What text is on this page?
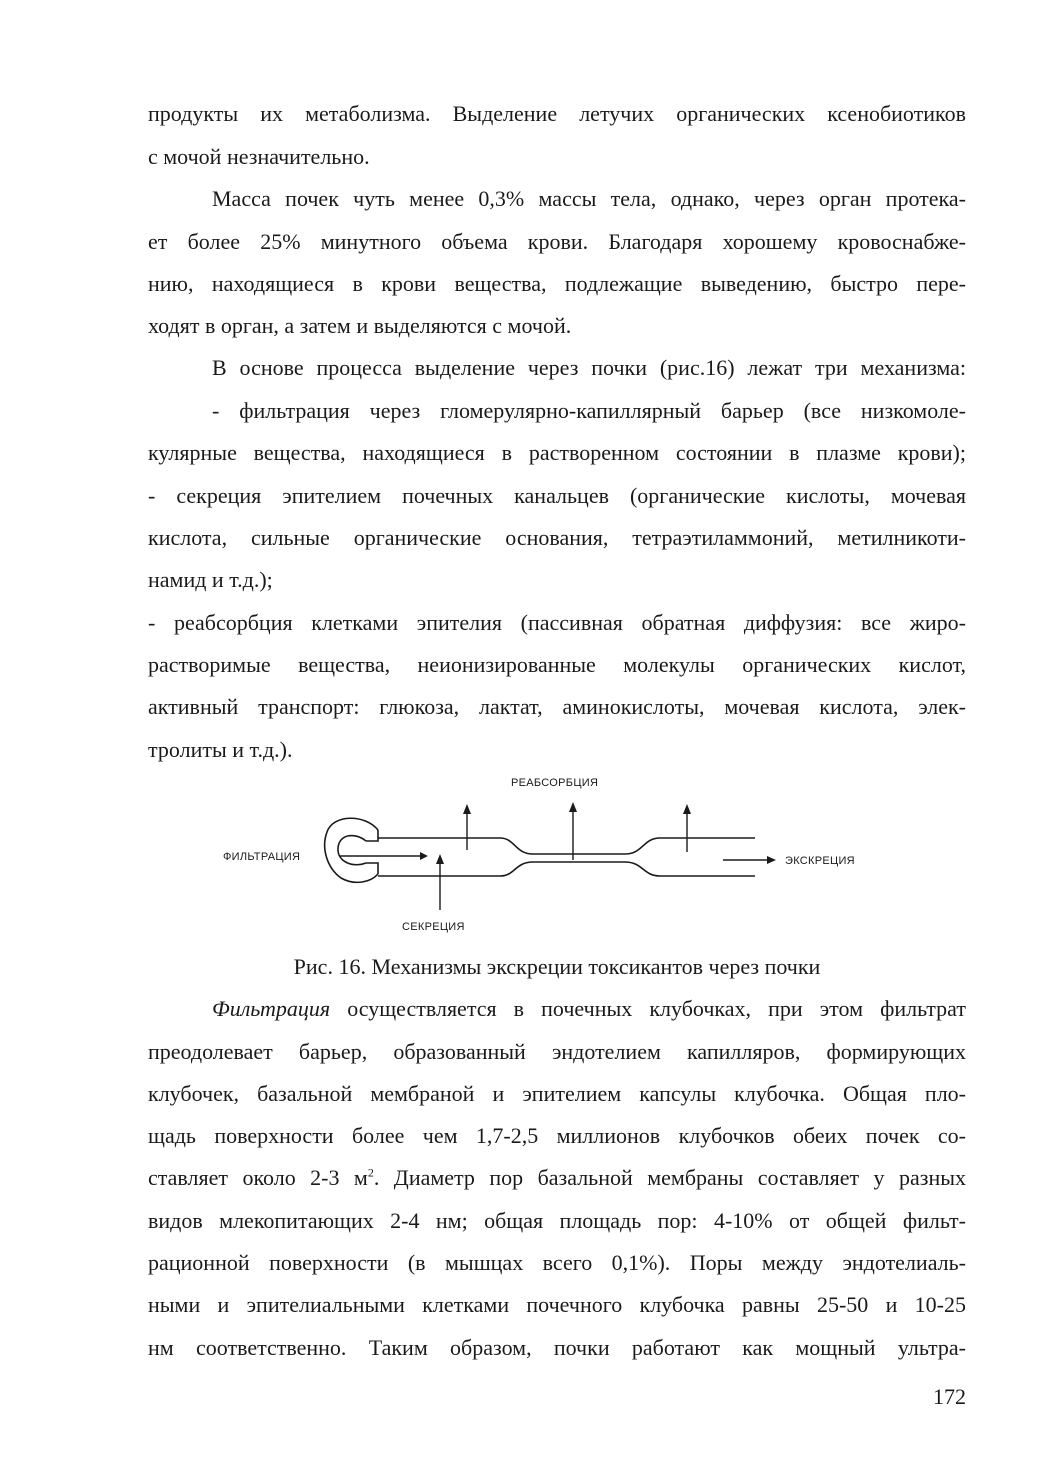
продукты их метаболизма. Выделение летучих органических ксенобиотиков
с мочой незначительно.
Масса почек чуть менее 0,3% массы тела, однако, через орган протека-
ет более 25% минутного объема крови. Благодаря хорошему кровоснабже-
нию, находящиеся в крови вещества, подлежащие выведению, быстро пере-
ходят в орган, а затем и выделяются с мочой.
В основе процесса выделение через почки (рис.16) лежат три механизма:
- фильтрация через гломерулярно-капиллярный барьер (все низкомоле-
кулярные вещества, находящиеся в растворенном состоянии в плазме крови);
- секреция эпителием почечных канальцев (органические кислоты, мочевая
кислота, сильные органические основания, тетраэтиламмоний, метилникоти-
намид и т.д.);
- реабсорбция клетками эпителия (пассивная обратная диффузия: все жиро-
растворимые вещества, неионизированные молекулы органических кислот,
активный транспорт: глюкоза, лактат, аминокислоты, мочевая кислота, элек-
тролиты и т.д.).
ФИЛЬТРАЦИЯ
РЕАБСОРБЦИЯ
СЕКРЕЦИЯ
ЭКСКРЕЦИЯ
Рис. 16. Механизмы экскреции токсикантов через почки
Фильтрация осуществляется в почечных клубочках, при этом фильтрат
преодолевает барьер, образованный эндотелием капилляров, формирующих
клубочек, базальной мембраной и эпителием капсулы клубочка. Общая пло-
щадь поверхности более чем 1,7-2,5 миллионов клубочков обеих почек со-
ставляет около 2-3 $м^2$. Диаметр пор базальной мембраны составляет у разных
видов млекопитающих 2-4 нм; общая площадь пор: 4-10% от общей фильт-
рационной поверхности (в мышцах всего 0,1%). Поры между эндотелиаль-
ными и эпителиальными клетками почечного клубочка равны 25-50 и 10-25
нм соответственно. Таким образом, почки работают как мощный ультра-
172
